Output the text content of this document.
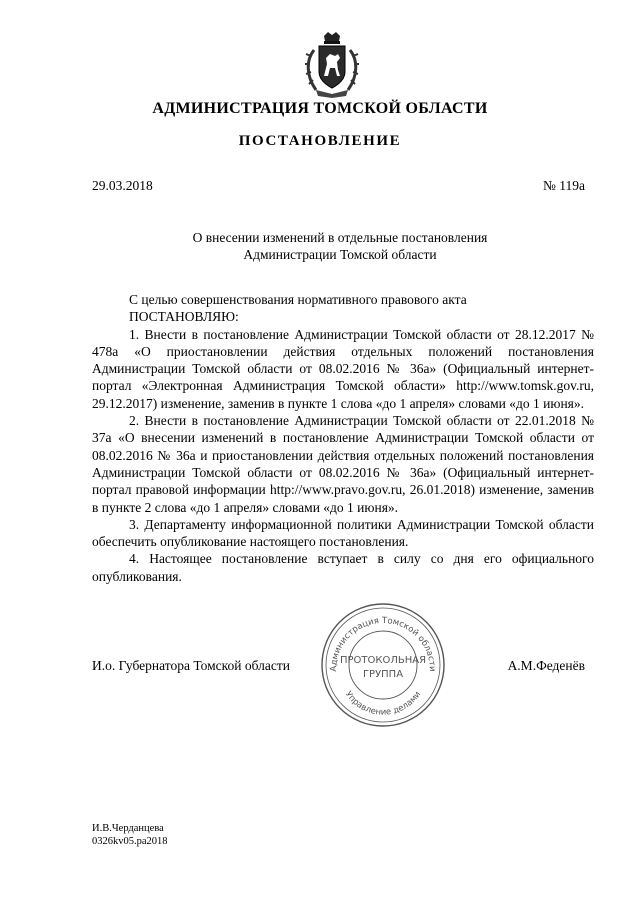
АДМИНИСТРАЦИЯ ТОМСКОЙ ОБЛАСТИ
ПОСТАНОВЛЕНИЕ
29.03.2018	№ 119а
О внесении изменений в отдельные постановления
Администрации Томской области

С целью совершенствования нормативного правового акта

ПОСТАНОВЛЯЮ:

1. Внести в постановление Администрации Томской области от 28.12.2017 № 478а «О приостановлении действия отдельных положений постановления Администрации Томской области от 08.02.2016 № 36а» (Официальный интернет-портал «Электронная Администрация Томской области» http://www.tomsk.gov.ru, 29.12.2017) изменение, заменив в пункте 1 слова «до 1 апреля» словами «до 1 июня».

2. Внести в постановление Администрации Томской области от 22.01.2018 № 37а «О внесении изменений в постановление Администрации Томской области от 08.02.2016 № 36а и приостановлении действия отдельных положений постановления Администрации Томской области от 08.02.2016 № 36а» (Официальный интернет-портал правовой информации http://www.pravo.gov.ru, 26.01.2018) изменение, заменив в пункте 2 слова «до 1 апреля» словами «до 1 июня».

3. Департаменту информационной политики Администрации Томской области обеспечить опубликование настоящего постановления.

4. Настоящее постановление вступает в силу со дня его официального опубликования.

И.о. Губернатора Томской области	А.М.Феденёв
Администрация Томской области
Управление делами
ПРОТОКОЛЬНАЯ
ГРУППА
И.В.Черданцева
0326kv05.pa2018
